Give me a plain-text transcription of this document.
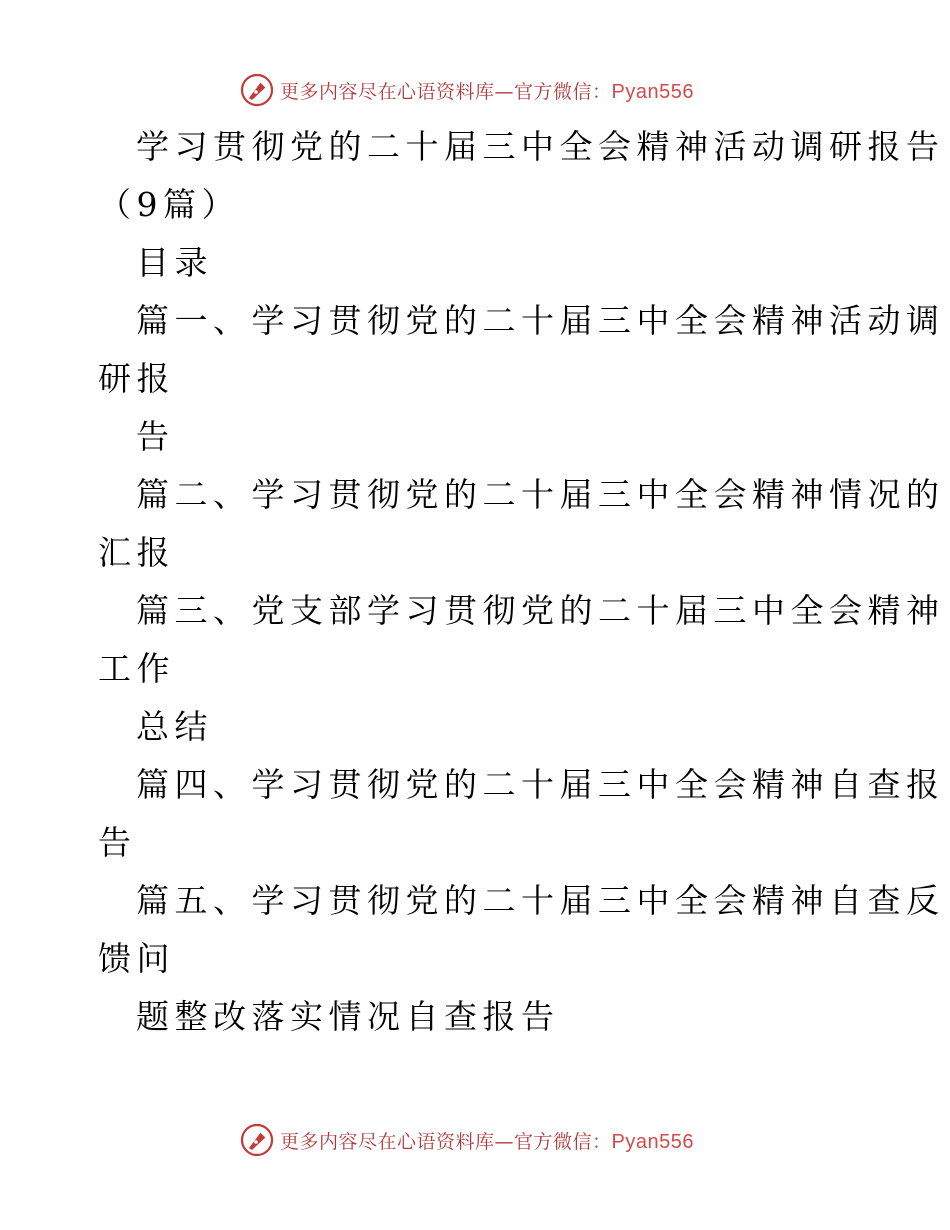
更多内容尽在心语资料库—官方微信：Pyan556
学习贯彻党的二十届三中全会精神活动调研报告
（9篇）
目录
篇一、学习贯彻党的二十届三中全会精神活动调
研报
告
篇二、学习贯彻党的二十届三中全会精神情况的
汇报
篇三、党支部学习贯彻党的二十届三中全会精神
工作
总结
篇四、学习贯彻党的二十届三中全会精神自查报
告
篇五、学习贯彻党的二十届三中全会精神自查反
馈问
题整改落实情况自查报告
更多内容尽在心语资料库—官方微信：Pyan556
